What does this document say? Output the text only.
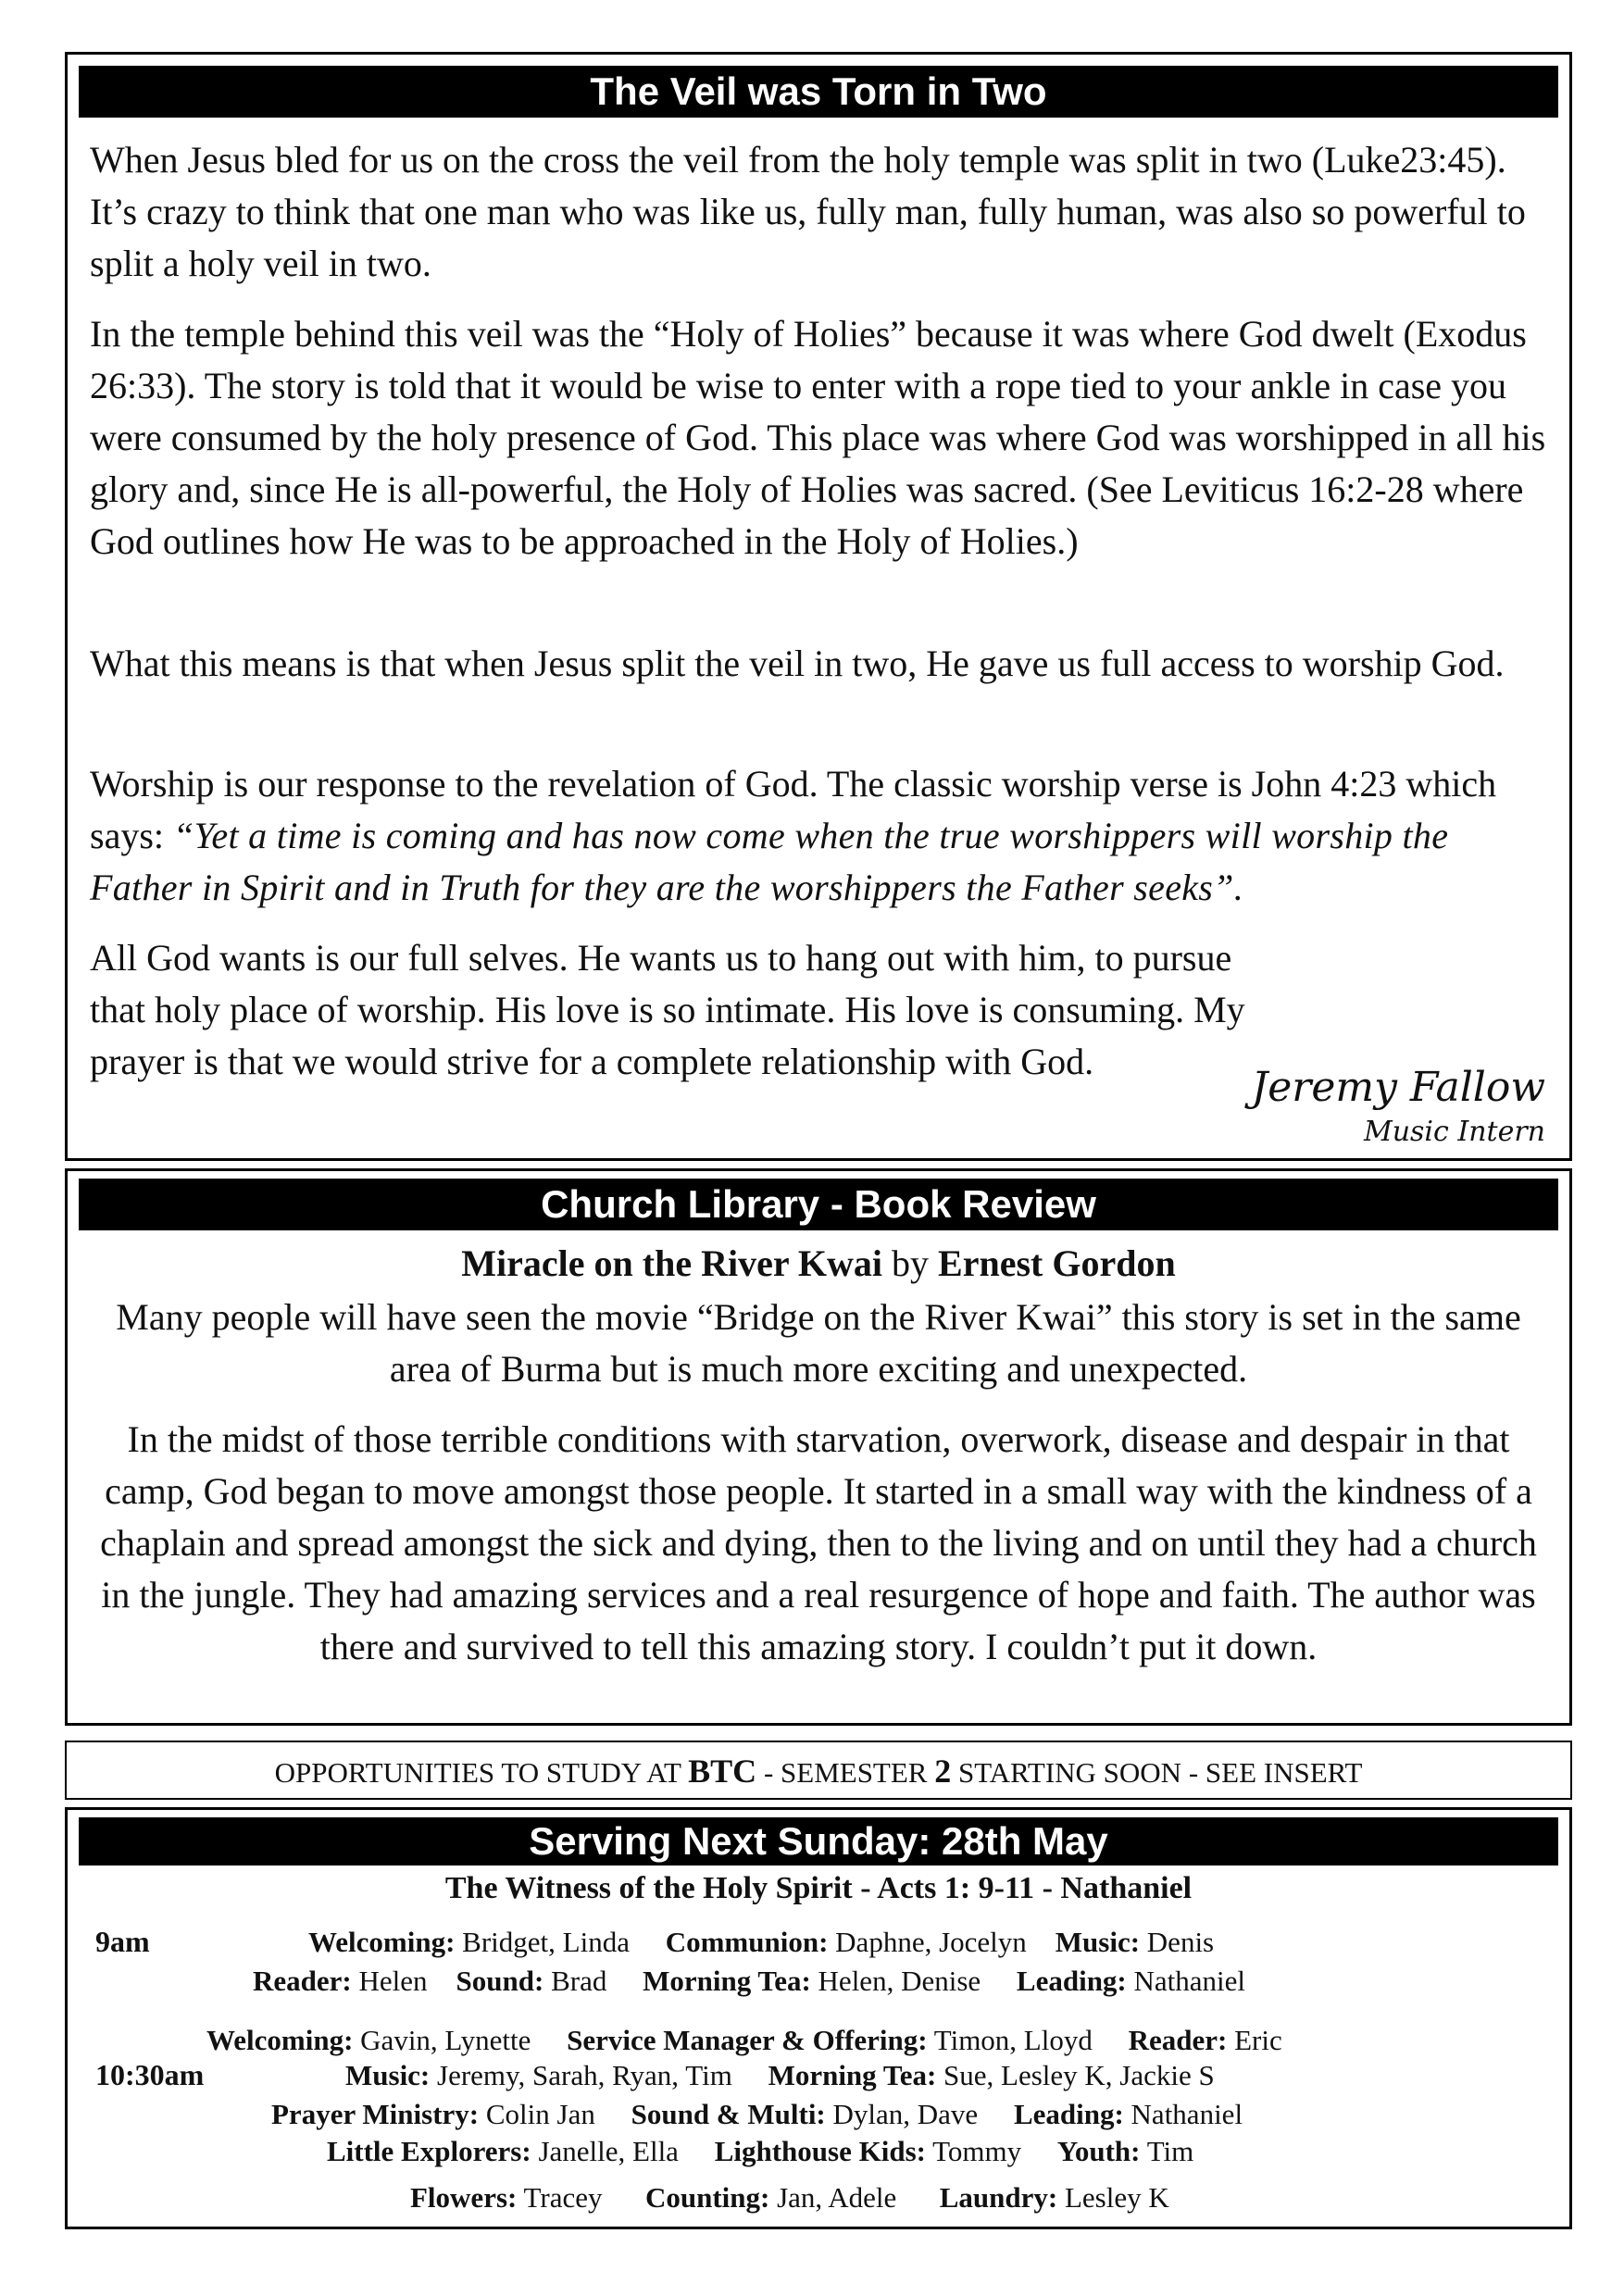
The Veil was Torn in Two

When Jesus bled for us on the cross the veil from the holy temple was split in two (Luke23:45). It’s crazy to think that one man who was like us, fully man, fully human, was also so powerful to split a holy veil in two.

In the temple behind this veil was the “Holy of Holies” because it was where God dwelt (Exodus 26:33). The story is told that it would be wise to enter with a rope tied to your ankle in case you were consumed by the holy presence of God. This place was where God was worshipped in all his glory and, since He is all-powerful, the Holy of Holies was sacred. (See Leviticus 16:2-28 where God outlines how He was to be approached in the Holy of Holies.)

What this means is that when Jesus split the veil in two, He gave us full access to worship God.

Worship is our response to the revelation of God. The classic worship verse is John 4:23 which says: “Yet a time is coming and has now come when the true worshippers will worship the Father in Spirit and in Truth for they are the worshippers the Father seeks”.

All God wants is our full selves. He wants us to hang out with him, to pursue that holy place of worship. His love is so intimate. His love is consuming. My prayer is that we would strive for a complete relationship with God.

Jeremy Fallow
Music Intern
Church Library - Book Review

Miracle on the River Kwai by Ernest Gordon

Many people will have seen the movie “Bridge on the River Kwai” this story is set in the same area of Burma but is much more exciting and unexpected.

In the midst of those terrible conditions with starvation, overwork, disease and despair in that camp, God began to move amongst those people. It started in a small way with the kindness of a chaplain and spread amongst the sick and dying, then to the living and on until they had a church in the jungle. They had amazing services and a real resurgence of hope and faith. The author was there and survived to tell this amazing story. I couldn’t put it down.

OPPORTUNITIES TO STUDY AT BTC - SEMESTER 2 STARTING SOON - SEE INSERT
Serving Next Sunday: 28th May
The Witness of the Holy Spirit - Acts 1: 9-11 - Nathaniel
9am	Welcoming: Bridget, Linda Communion: Daphne, Jocelyn Music: Denis
Reader: Helen Sound: Brad Morning Tea: Helen, Denise Leading: Nathaniel
10:30am
Welcoming: Gavin, Lynette Service Manager & Offering: Timon, Lloyd Reader: Eric
Music: Jeremy, Sarah, Ryan, Tim Morning Tea: Sue, Lesley K, Jackie S
Prayer Ministry: Colin Jan Sound & Multi: Dylan, Dave Leading: Nathaniel
Little Explorers: Janelle, Ella Lighthouse Kids: Tommy Youth: Tim
Flowers: Tracey Counting: Jan, Adele Laundry: Lesley K
